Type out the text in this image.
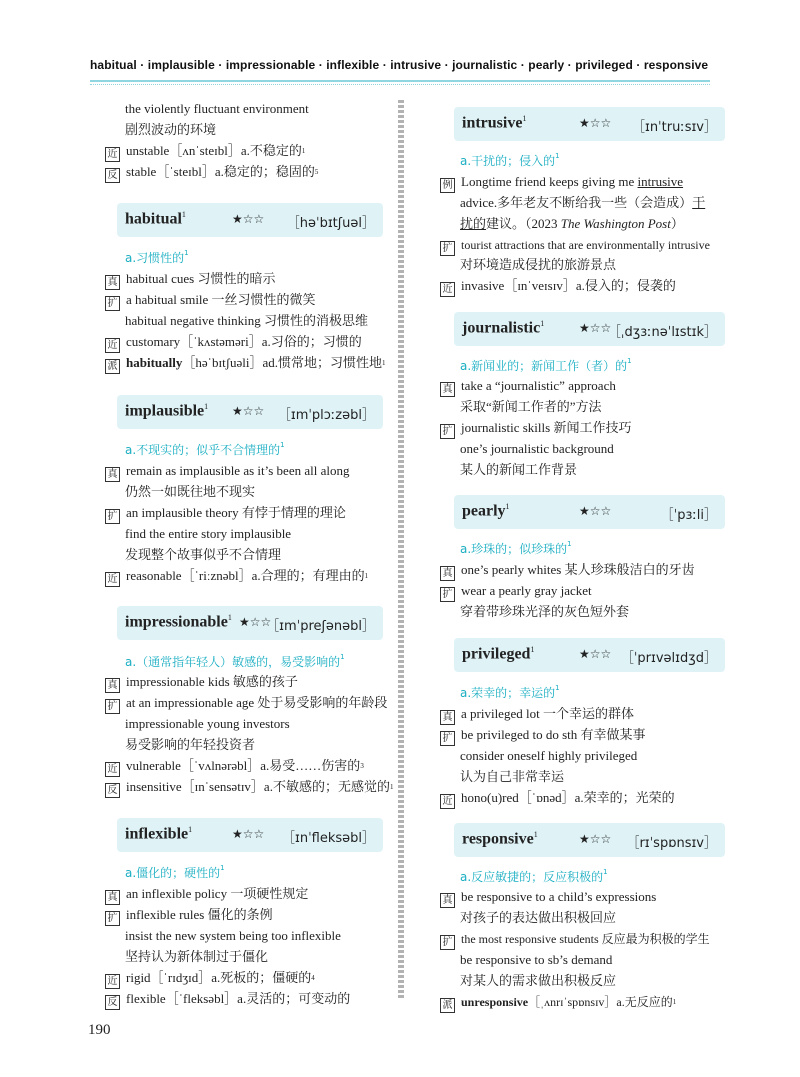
habitual · implausible · impressionable · inflexible · intrusive · journalistic · pearly · privileged · responsive
the violently fluctuant environment
剧烈波动的环境
近 unstable［ʌnˈsteɪbl］a.不稳定的$^1$
反 stable［ˈsteɪbl］a.稳定的；稳固的$^5$
habitual$^1$	★☆☆ ［həˈbɪtʃuəl］
a.习惯性的$^1$
真 habitual cues 习惯性的暗示
扩 a habitual smile 一丝习惯性的微笑
habitual negative thinking 习惯性的消极思维
近 customary［ˈkʌstəməri］a.习俗的；习惯的
派 habitually［həˈbɪtʃuəli］ad.惯常地；习惯性地$^1$
implausible$^1$ ★☆☆ ［ɪmˈplɔːzəbl］
a.不现实的；似乎不合情理的$^1$
真 remain as implausible as it’s been all along
仍然一如既往地不现实
扩 an implausible theory 有悖于情理的理论
find the entire story implausible
发现整个故事似乎不合情理
近 reasonable［ˈriːznəbl］a.合理的；有理由的$^1$
impressionable$^1$ ★☆☆
［ɪmˈpreʃənəbl］
a.（通常指年轻人）敏感的，易受影响的$^1$
真 impressionable kids 敏感的孩子
扩 at an impressionable age 处于易受影响的年龄段
impressionable young investors
易受影响的年轻投资者
近 vulnerable［ˈvʌlnərəbl］a.易受……伤害的$^3$
反 insensitive［ɪnˈsensətɪv］a.不敏感的；无感觉的$^1$
inflexible$^1$	★☆☆ ［ɪnˈfleksəbl］
a.僵化的；硬性的$^1$
真 an inflexible policy 一项硬性规定
扩 inflexible rules 僵化的条例
insist the new system being too inflexible
坚持认为新体制过于僵化
近 rigid［ˈrɪdʒɪd］a.死板的；僵硬的$^4$
反 flexible［ˈfleksəbl］a.灵活的；可变动的
intrusive$^1$	★☆☆ ［ɪnˈtruːsɪv］
a.干扰的；侵入的$^1$
例 Longtime friend keeps giving me intrusive
advice.多年老友不断给我一些（会造成）干
扰的建议。（2023 The Washington Post）
扩 tourist attractions that are environmentally intrusive
对环境造成侵扰的旅游景点
近 invasive［ɪnˈveɪsɪv］a.侵入的；侵袭的
journalistic$^1$	★☆☆
［ˌdʒɜːnəˈlɪstɪk］
a.新闻业的；新闻工作（者）的$^1$
真 take a “journalistic” approach
采取“新闻工作者的”方法
扩 journalistic skills 新闻工作技巧
one’s journalistic background
某人的新闻工作背景
pearly$^1$	★☆☆	［ˈpɜːli］
a.珍珠的；似珍珠的$^1$
真 one’s pearly whites 某人珍珠般洁白的牙齿
扩 wear a pearly gray jacket
穿着带珍珠光泽的灰色短外套
privileged$^1$	★☆☆ ［ˈprɪvəlɪdʒd］
a.荣幸的；幸运的$^1$
真 a privileged lot 一个幸运的群体
扩 be privileged to do sth 有幸做某事
consider oneself highly privileged
认为自己非常幸运
近 hono(u)red［ˈɒnəd］a.荣幸的；光荣的
responsive$^1$	★☆☆ ［rɪˈspɒnsɪv］
a.反应敏捷的；反应积极的$^1$
真 be responsive to a child’s expressions
对孩子的表达做出积极回应
扩 the most responsive students 反应最为积极的学生
be responsive to sb’s demand
对某人的需求做出积极反应
派 unresponsive［ˌʌnrɪˈspɒnsɪv］a.无反应的$^1$
190
